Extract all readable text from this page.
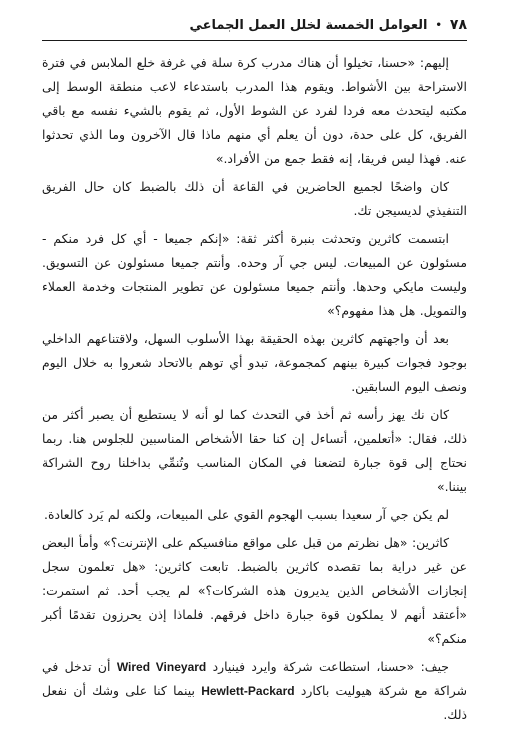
٧٨
•
العوامل الخمسة لخلل العمل الجماعي

إليهم: «حسنا، تخيلوا أن هناك مدرب كرة سلة في غرفة خلع الملابس في فترة الاستراحة بين الأشواط. ويقوم هذا المدرب باستدعاء لاعب منطقة الوسط إلى مكتبه ليتحدث معه فردا لفرد عن الشوط الأول، ثم يقوم بالشيء نفسه مع باقي الفريق، كل على حدة، دون أن يعلم أي منهم ماذا قال الآخرون وما الذي تحدثوا عنه. فهذا ليس فريقا، إنه فقط جمع من الأفراد.»

كان واضحًا لجميع الحاضرين في القاعة أن ذلك بالضبط كان حال الفريق التنفيذي لديسيجن تك.

ابتسمت كاثرين وتحدثت بنبرة أكثر ثقة: «إنكم جميعا - أي كل فرد منكم - مسئولون عن المبيعات. ليس جي آر وحده. وأنتم جميعا مسئولون عن التسويق. وليست مايكي وحدها. وأنتم جميعا مسئولون عن تطوير المنتجات وخدمة العملاء والتمويل. هل هذا مفهوم؟»

بعد أن واجهتهم كاثرين بهذه الحقيقة بهذا الأسلوب السهل، ولاقتناعهم الداخلي بوجود فجوات كبيرة بينهم كمجموعة، تبدو أي توهم بالاتحاد شعروا به خلال اليوم ونصف اليوم السابقين.

كان نك يهز رأسه ثم أخذ في التحدث كما لو أنه لا يستطيع أن يصبر أكثر من ذلك، فقال: «أتعلمين، أتساءل إن كنا حقا الأشخاص المناسبين للجلوس هنا. ربما نحتاج إلى قوة جبارة لتضعنا في المكان المناسب وتُنمِّي بداخلنا روح الشراكة بيننا.»

لم يكن جي آر سعيدا بسبب الهجوم القوي على المبيعات، ولكنه لم يَرد كالعادة.

كاثرين: «هل نظرتم من قبل على مواقع منافسيكم على الإنترنت؟» وأمأ البعض عن غير دراية بما تقصده كاثرين بالضبط. تابعت كاثرين: «هل تعلمون سجل إنجازات الأشخاص الذين يديرون هذه الشركات؟» لم يجب أحد. ثم استمرت: «أعتقد أنهم لا يملكون قوة جبارة داخل فرقهم. فلماذا إذن يحرزون تقدمًا أكبر منكم؟»

جيف: «حسنا، استطاعت شركة وايرد فينيارد Wired Vineyard أن تدخل في شراكة مع شركة هيوليت باكارد Hewlett-Packard بينما كنا على وشك أن نفعل ذلك.
